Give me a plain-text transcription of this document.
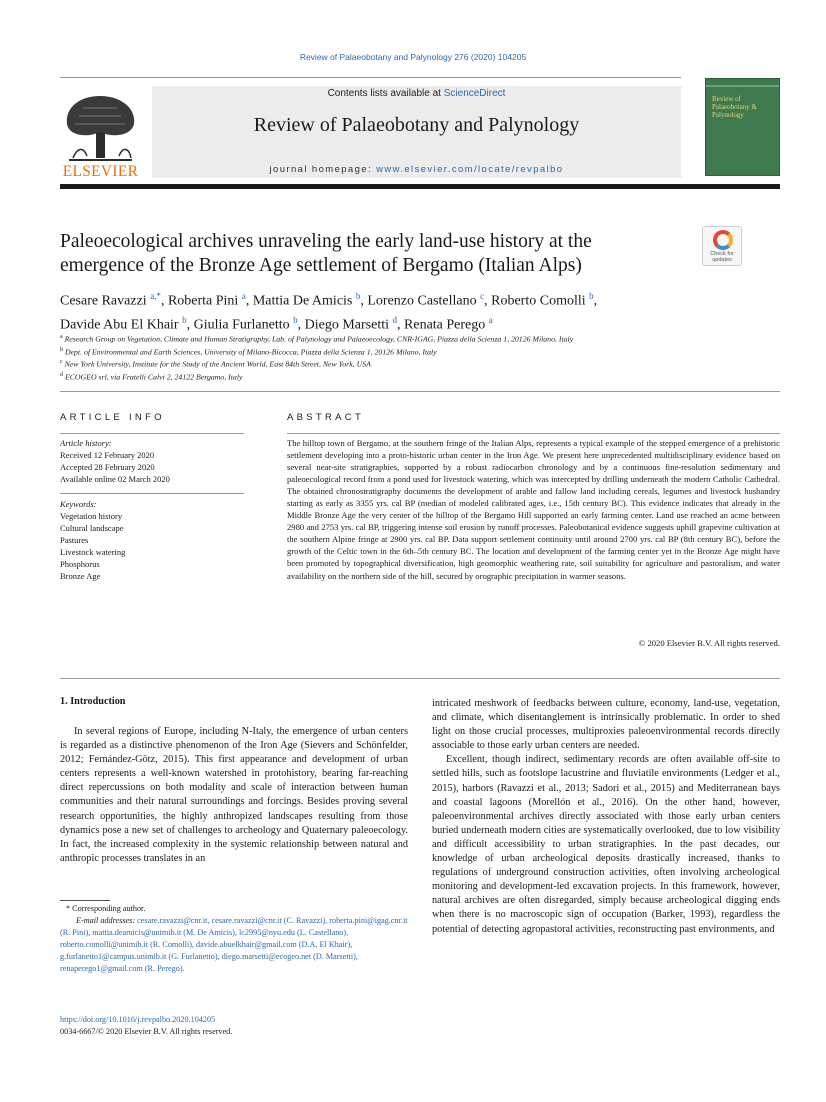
Review of Palaeobotany and Palynology 276 (2020) 104205
ELSEVIER
Contents lists available at ScienceDirect
Review of Palaeobotany and Palynology
journal homepage: www.elsevier.com/locate/revpalbo
Review of Palaeobotany & Palynology
Paleoecological archives unraveling the early land-use history at the emergence of the Bronze Age settlement of Bergamo (Italian Alps)
Check for updates
Cesare Ravazzi $^{a,*}$, Roberta Pini $^a$, Mattia De Amicis $^b$, Lorenzo Castellano $^c$, Roberto Comolli $^b$,
Davide Abu El Khair $^b$, Giulia Furlanetto $^b$, Diego Marsetti $^d$, Renata Perego $^a$
$^a$ Research Group on Vegetation, Climate and Human Stratigraphy, Lab. of Palynology and Palaeoecology, CNR-IGAG, Piazza della Scienza 1, 20126 Milano, Italy
$^b$ Dept. of Environmental and Earth Sciences, University of Milano-Bicocca, Piazza della Scienza 1, 20126 Milano, Italy
$^c$ New York University, Institute for the Study of the Ancient World, East 84th Street, New York, USA
$^d$ ECOGEO srl, via Fratelli Calvi 2, 24122 Bergamo, Italy
ARTICLE INFO	ABSTRACT
Article history:
Received 12 February 2020
Accepted 28 February 2020
Available online 02 March 2020
Keywords:
Vegetation history
Cultural landscape
Pastures
Livestock watering
Phosphorus
Bronze Age
The hilltop town of Bergamo, at the southern fringe of the Italian Alps, represents a typical example of the stepped emergence of a prehistoric settlement developing into a proto-historic urban center in the Iron Age. We present here unprecedented multidisciplinary evidence based on several near-site stratigraphies, supported by a robust radiocarbon chronology and by a continuous fine-resolution sedimentary and paleoecological record from a pond used for livestock watering, which was intercepted by drilling underneath the modern Catholic Cathedral. The obtained chronostratigraphy documents the development of arable and fallow land including cereals, legumes and livestock husbandry starting as early as 3355 yrs. cal BP (median of modeled calibrated ages, i.e., 15th century BC). This evidence indicates that already in the Middle Bronze Age the very center of the hilltop of the Bergamo Hill supported an early farming center. Land use reached an acme between 2980 and 2753 yrs. cal BP, triggering intense soil erosion by runoff processes. Paleobotanical evidence suggests uphill grapevine cultivation at the southern Alpine fringe at 2900 yrs. cal BP. Data support settlement continuity until around 2700 yrs. cal BP (8th century BC), before the growth of the Celtic town in the 6th–5th century BC. The location and development of the farming center yet in the Bronze Age might have been promoted by topographical diversification, high geomorphic weathering rate, soil suitability for agriculture and pastoralism, and water availability on the northern side of the hill, secured by orographic precipitation in warmer seasons.
© 2020 Elsevier B.V. All rights reserved.
1. Introduction

In several regions of Europe, including N-Italy, the emergence of urban centers is regarded as a distinctive phenomenon of the Iron Age (Sievers and Schönfelder, 2012; Fernández-Götz, 2015). This first appearance and development of urban centers represents a well-known watershed in protohistory, bearing far-reaching direct repercussions on both modality and scale of interaction between human communities and their natural surroundings and forcings. Besides proving several research opportunities, the highly anthropized landscapes resulting from those dynamics pose a new set of challenges to archeology and Quaternary paleoecology. In fact, the increased complexity in the systemic relationship between natural and anthropic processes translates in an

intricated meshwork of feedbacks between culture, economy, land-use, vegetation, and climate, which disentanglement is intrinsically problematic. In order to shed light on those crucial processes, multiproxies paleoenvironmental records directly associable to those early urban centers are needed.

Excellent, though indirect, sedimentary records are often available off-site to settled hills, such as footslope lacustrine and fluviatile environments (Ledger et al., 2015), harbors (Ravazzi et al., 2013; Sadori et al., 2015) and Mediterranean bays and coastal lagoons (Morellón et al., 2016). On the other hand, however, paleoenvironmental archives directly associated with those early urban centers buried underneath modern cities are systematically overlooked, due to low visibility and difficult accessibility to urban stratigraphies. In the past decades, our knowledge of urban archeological deposits drastically increased, thanks to regulations of underground construction activities, often involving archeological monitoring and development-led excavation projects. In this framework, however, natural archives are often disregarded, simply because archeological digging ends when there is no macroscopic sign of occupation (Barker, 1993), regardless the potential of detecting agropastoral activities, reconstructing past environments, and

* Corresponding author.
E-mail addresses: cesare.ravazzi@cnr.it, cesare.ravazzi@cnr.it (C. Ravazzi), roberta.pini@igag.cnr.it (R. Pini), mattia.deamicis@unimib.it (M. De Amicis), lc2995@nyu.edu (L. Castellano), roberto.comolli@unimib.it (R. Comolli), davide.abuelkhair@gmail.com (D.A. El Khair), g.furlanetto1@campus.unimib.it (G. Furlanetto), diego.marsetti@ecogeo.net (D. Marsetti), renaperego1@gmail.com (R. Perego).
https://doi.org/10.1016/j.revpalbo.2020.104205
0034-6667/© 2020 Elsevier B.V. All rights reserved.
